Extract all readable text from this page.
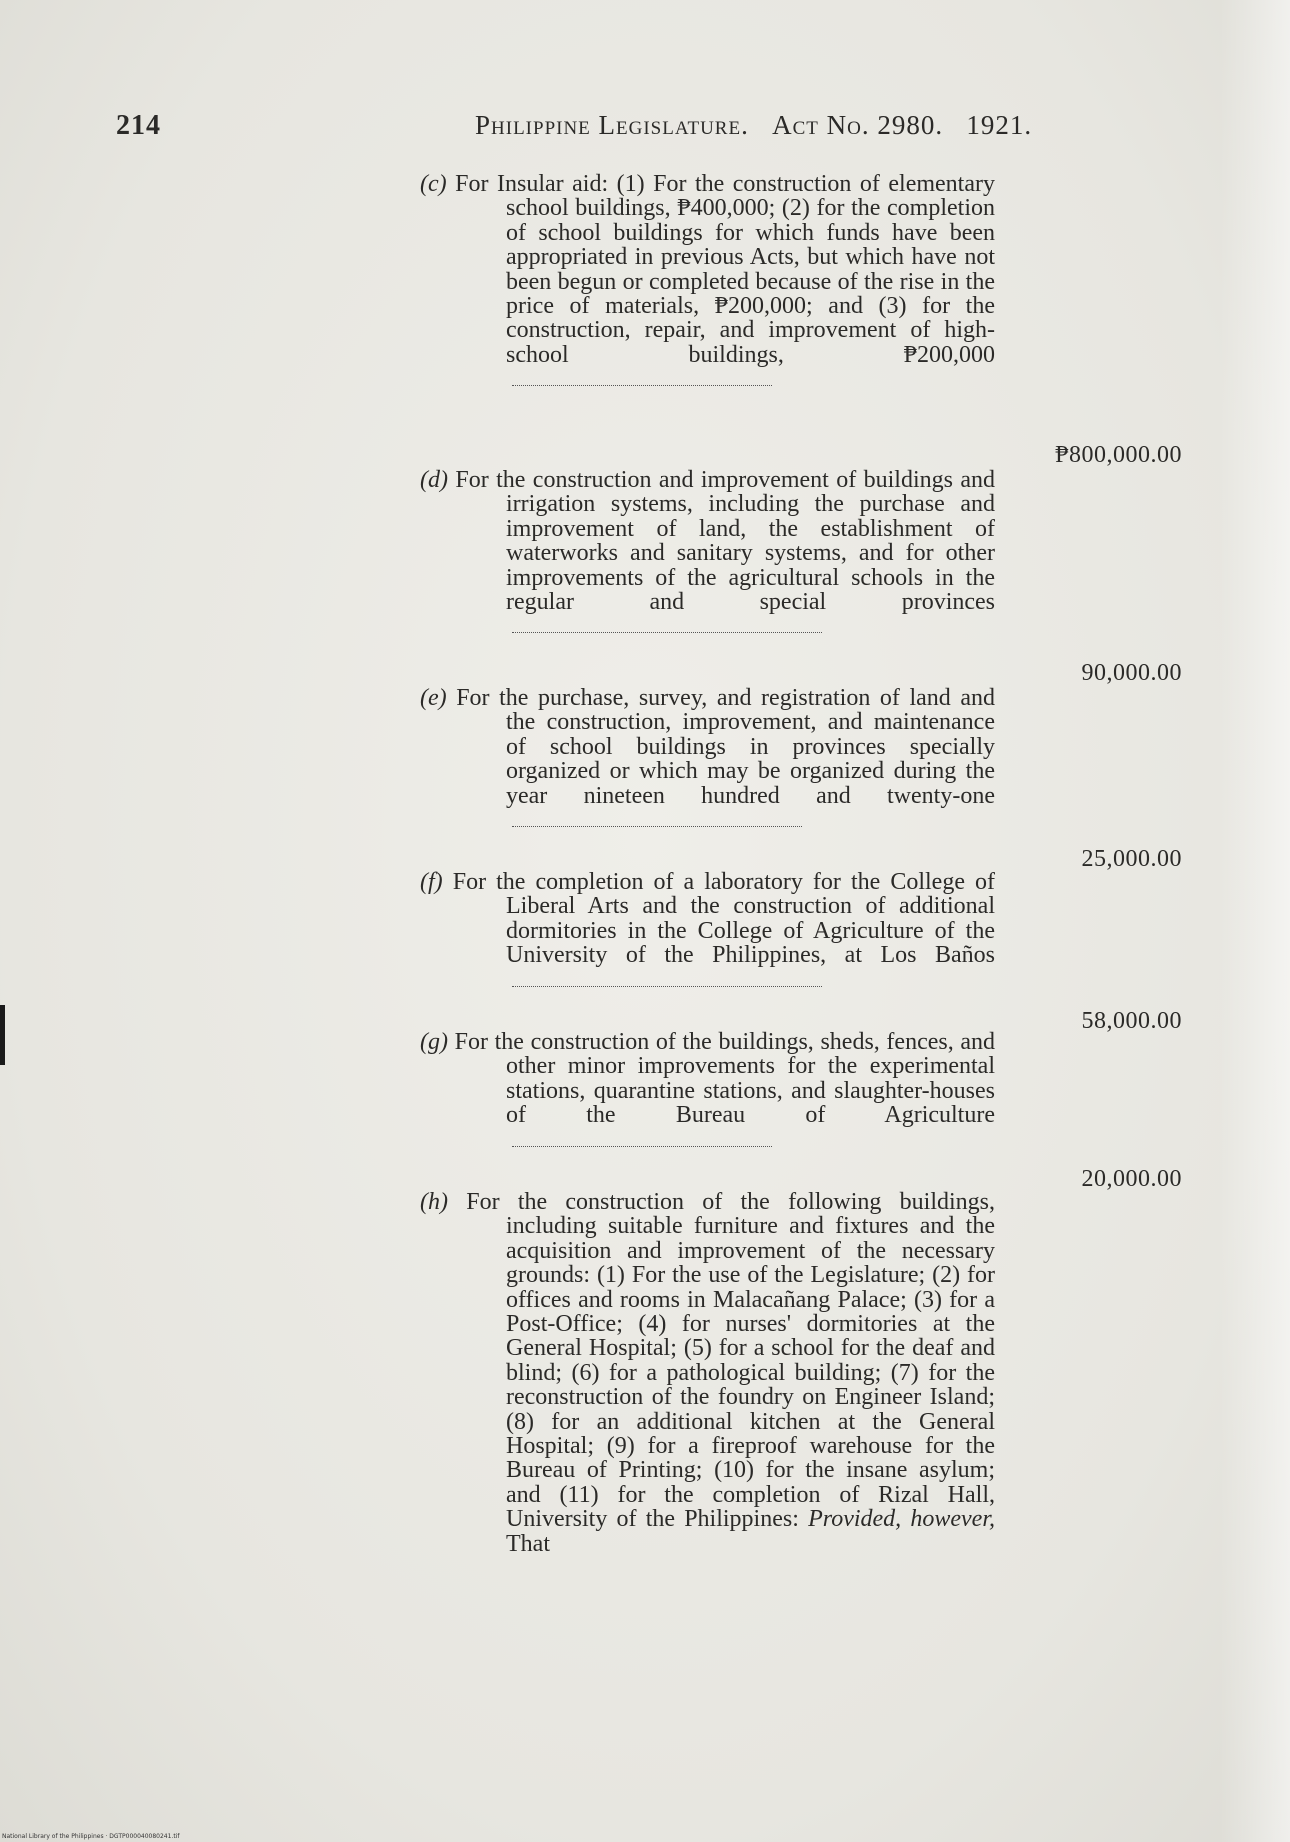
214	Philippine Legislature. Act No. 2980. 1921.

(c) For Insular aid: (1) For the construction of elementary school buildings, ₱400,000; (2) for the completion of school buildings for which funds have been appropriated in previous Acts, but which have not been begun or completed because of the rise in the price of materials, ₱200,000; and (3) for the construction, repair, and improvement of high-school buildings, ₱200,000

₱800,000.00

(d) For the construction and improvement of buildings and irrigation systems, including the purchase and improvement of land, the establishment of waterworks and sanitary systems, and for other improvements of the agricultural schools in the regular and special provinces

90,000.00

(e) For the purchase, survey, and registration of land and the construction, improvement, and maintenance of school buildings in provinces specially organized or which may be organized during the year nineteen hundred and twenty-one

25,000.00

(f) For the completion of a laboratory for the College of Liberal Arts and the construction of additional dormitories in the College of Agriculture of the University of the Philippines, at Los Baños

58,000.00

(g) For the construction of the buildings, sheds, fences, and other minor improvements for the experimental stations, quarantine stations, and slaughter-houses of the Bureau of Agriculture

20,000.00

(h) For the construction of the following buildings, including suitable furniture and fixtures and the acquisition and improvement of the necessary grounds: (1) For the use of the Legislature; (2) for offices and rooms in Malacañang Palace; (3) for a Post-Office; (4) for nurses' dormitories at the General Hospital; (5) for a school for the deaf and blind; (6) for a pathological building; (7) for the reconstruction of the foundry on Engineer Island; (8) for an additional kitchen at the General Hospital; (9) for a fireproof warehouse for the Bureau of Printing; (10) for the insane asylum; and (11) for the completion of Rizal Hall, University of the Philippines: Provided, however, That

National Library of the Philippines · DGTP000040080241.tif
